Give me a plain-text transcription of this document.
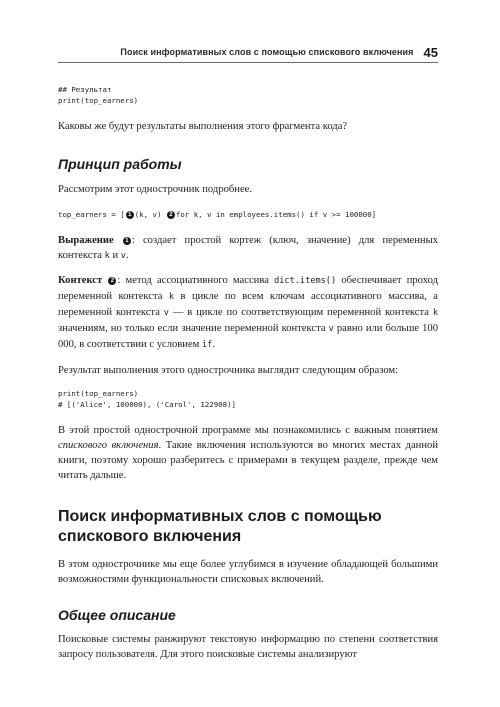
Поиск информативных слов с помощью спискового включения 45
## Результат
print(top_earners)

Каковы же будут результаты выполнения этого фрагмента кода?

Принцип работы

Рассмотрим этот однострочник подробнее.

top_earners = [ 1 (k, v) 2 for k, v in employees.items() if v >= 100000]

Выражение 1 : создает простой кортеж (ключ, значение) для переменных контекста k и v.

Контекст 2 : метод ассоциативного массива dict.items() обеспечивает проход переменной контекста k в цикле по всем ключам ассоциативного массива, а переменной контекста v — в цикле по соответствующим переменной контекста k значениям, но только если значение переменной контекста v равно или больше 100 000, в соответствии с условием if.

Результат выполнения этого однострочника выглядит следующим образом:

print(top_earners)
# [('Alice', 100000), ('Carol', 122908)]

В этой простой однострочной программе мы познакомились с важным понятием спискового включения. Такие включения используются во многих местах данной книги, поэтому хорошо разберитесь с примерами в текущем разделе, прежде чем читать дальше.

Поиск информативных слов с помощью
спискового включения

В этом однострочнике мы еще более углубимся в изучение обладающей большими возможностями функциональности списковых включений.

Общее описание

Поисковые системы ранжируют текстовую информацию по степени соответствия запросу пользователя. Для этого поисковые системы анализируют
